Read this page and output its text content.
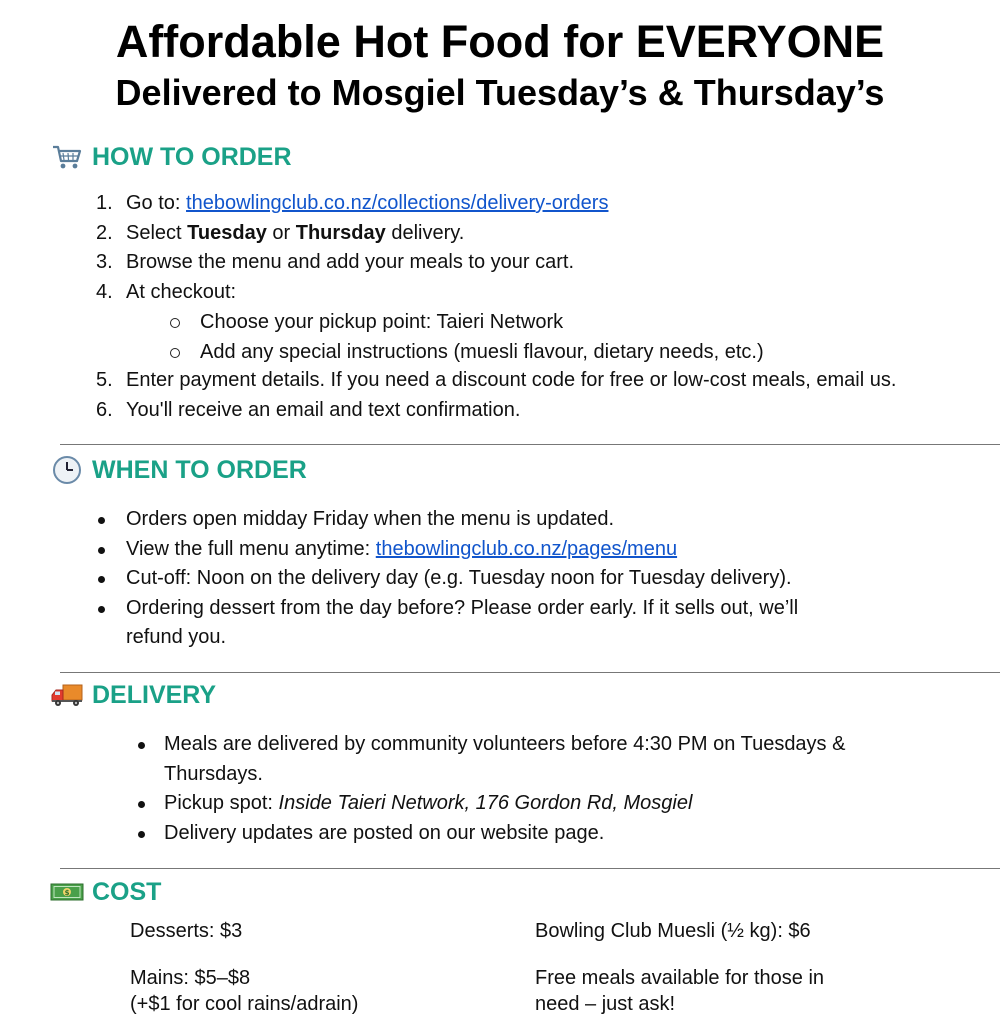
Affordable Hot Food for EVERYONE
Delivered to Mosgiel Tuesday’s & Thursday’s
HOW TO ORDER
1. Go to: thebowlingclub.co.nz/collections/delivery-orders
2. Select Tuesday or Thursday delivery.
3. Browse the menu and add your meals to your cart.
4. At checkout:
5. Enter payment details. If you need a discount code for free or low-cost meals, email us.
6. You'll receive an email and text confirmation.
Choose your pickup point: Taieri Network
Add any special instructions (muesli flavour, dietary needs, etc.)
WHEN TO ORDER
Orders open midday Friday when the menu is updated.
View the full menu anytime: thebowlingclub.co.nz/pages/menu
Cut-off: Noon on the delivery day (e.g. Tuesday noon for Tuesday delivery).
Ordering dessert from the day before? Please order early. If it sells out, we’ll
refund you.
DELIVERY
Meals are delivered by community volunteers before 4:30 PM on Tuesdays &
Thursdays.
Pickup spot: Inside Taieri Network, 176 Gordon Rd, Mosgiel
Delivery updates are posted on our website page.
$ COST
Desserts: $3	Bowling Club Muesli (½ kg): $6
Mains: $5–$8
(+$1 for cool rains/adrain)
Free meals available for those in
need – just ask!
